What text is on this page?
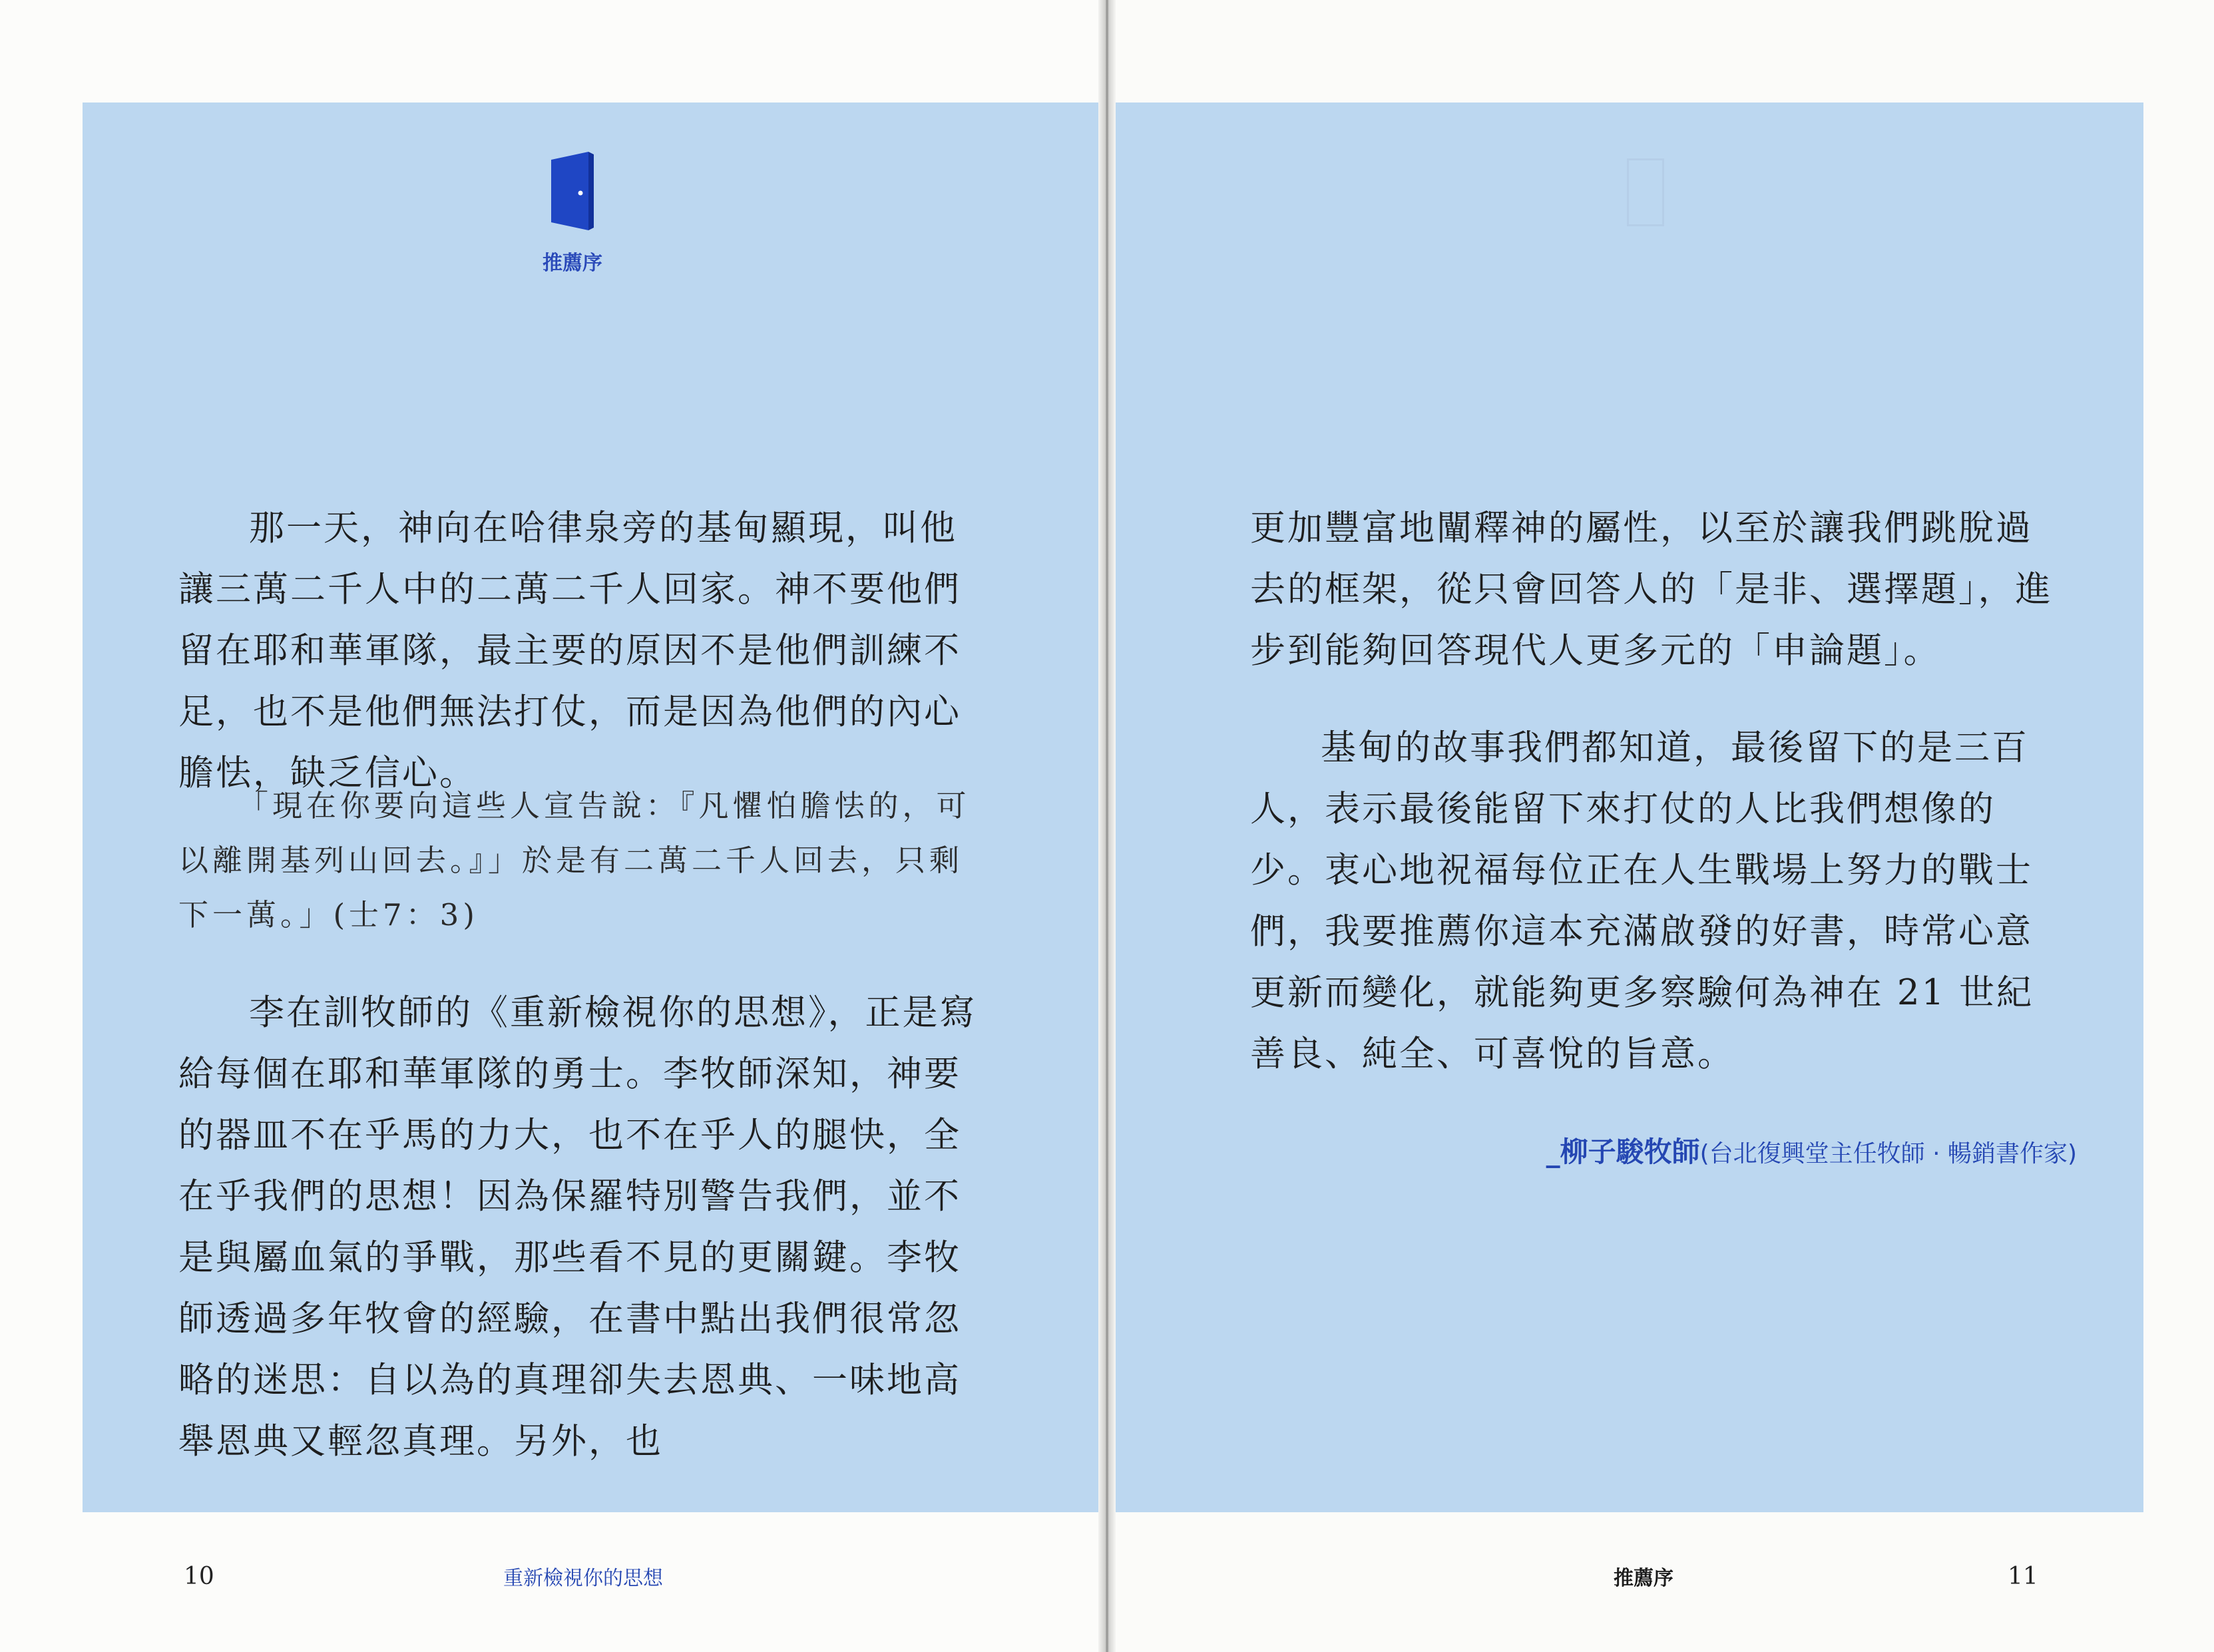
推薦序

那一天，神向在哈律泉旁的基甸顯現，叫他讓三萬二千人中的二萬二千人回家。神不要他們留在耶和華軍隊，最主要的原因不是他們訓練不足，也不是他們無法打仗，而是因為他們的內心膽怯，缺乏信心。

「現在你要向這些人宣告說：『凡懼怕膽怯的，可以離開基列山回去。』」於是有二萬二千人回去，只剩下一萬。」(士7：3)

李在訓牧師的《重新檢視你的思想》，正是寫給每個在耶和華軍隊的勇士。李牧師深知，神要的器皿不在乎馬的力大，也不在乎人的腿快，全在乎我們的思想！因為保羅特別警告我們，並不是與屬血氣的爭戰，那些看不見的更關鍵。李牧師透過多年牧會的經驗，在書中點出我們很常忽略的迷思：自以為的真理卻失去恩典、一味地高舉恩典又輕忽真理。另外，也

更加豐富地闡釋神的屬性，以至於讓我們跳脫過去的框架，從只會回答人的「是非、選擇題」，進步到能夠回答現代人更多元的「申論題」。

基甸的故事我們都知道，最後留下的是三百人，表示最後能留下來打仗的人比我們想像的少。衷心地祝福每位正在人生戰場上努力的戰士們，我要推薦你這本充滿啟發的好書，時常心意更新而變化，就能夠更多察驗何為神在 21 世紀善良、純全、可喜悅的旨意。

_柳子駿牧師(台北復興堂主任牧師 · 暢銷書作家)
10	重新檢視你的思想	推薦序	11
